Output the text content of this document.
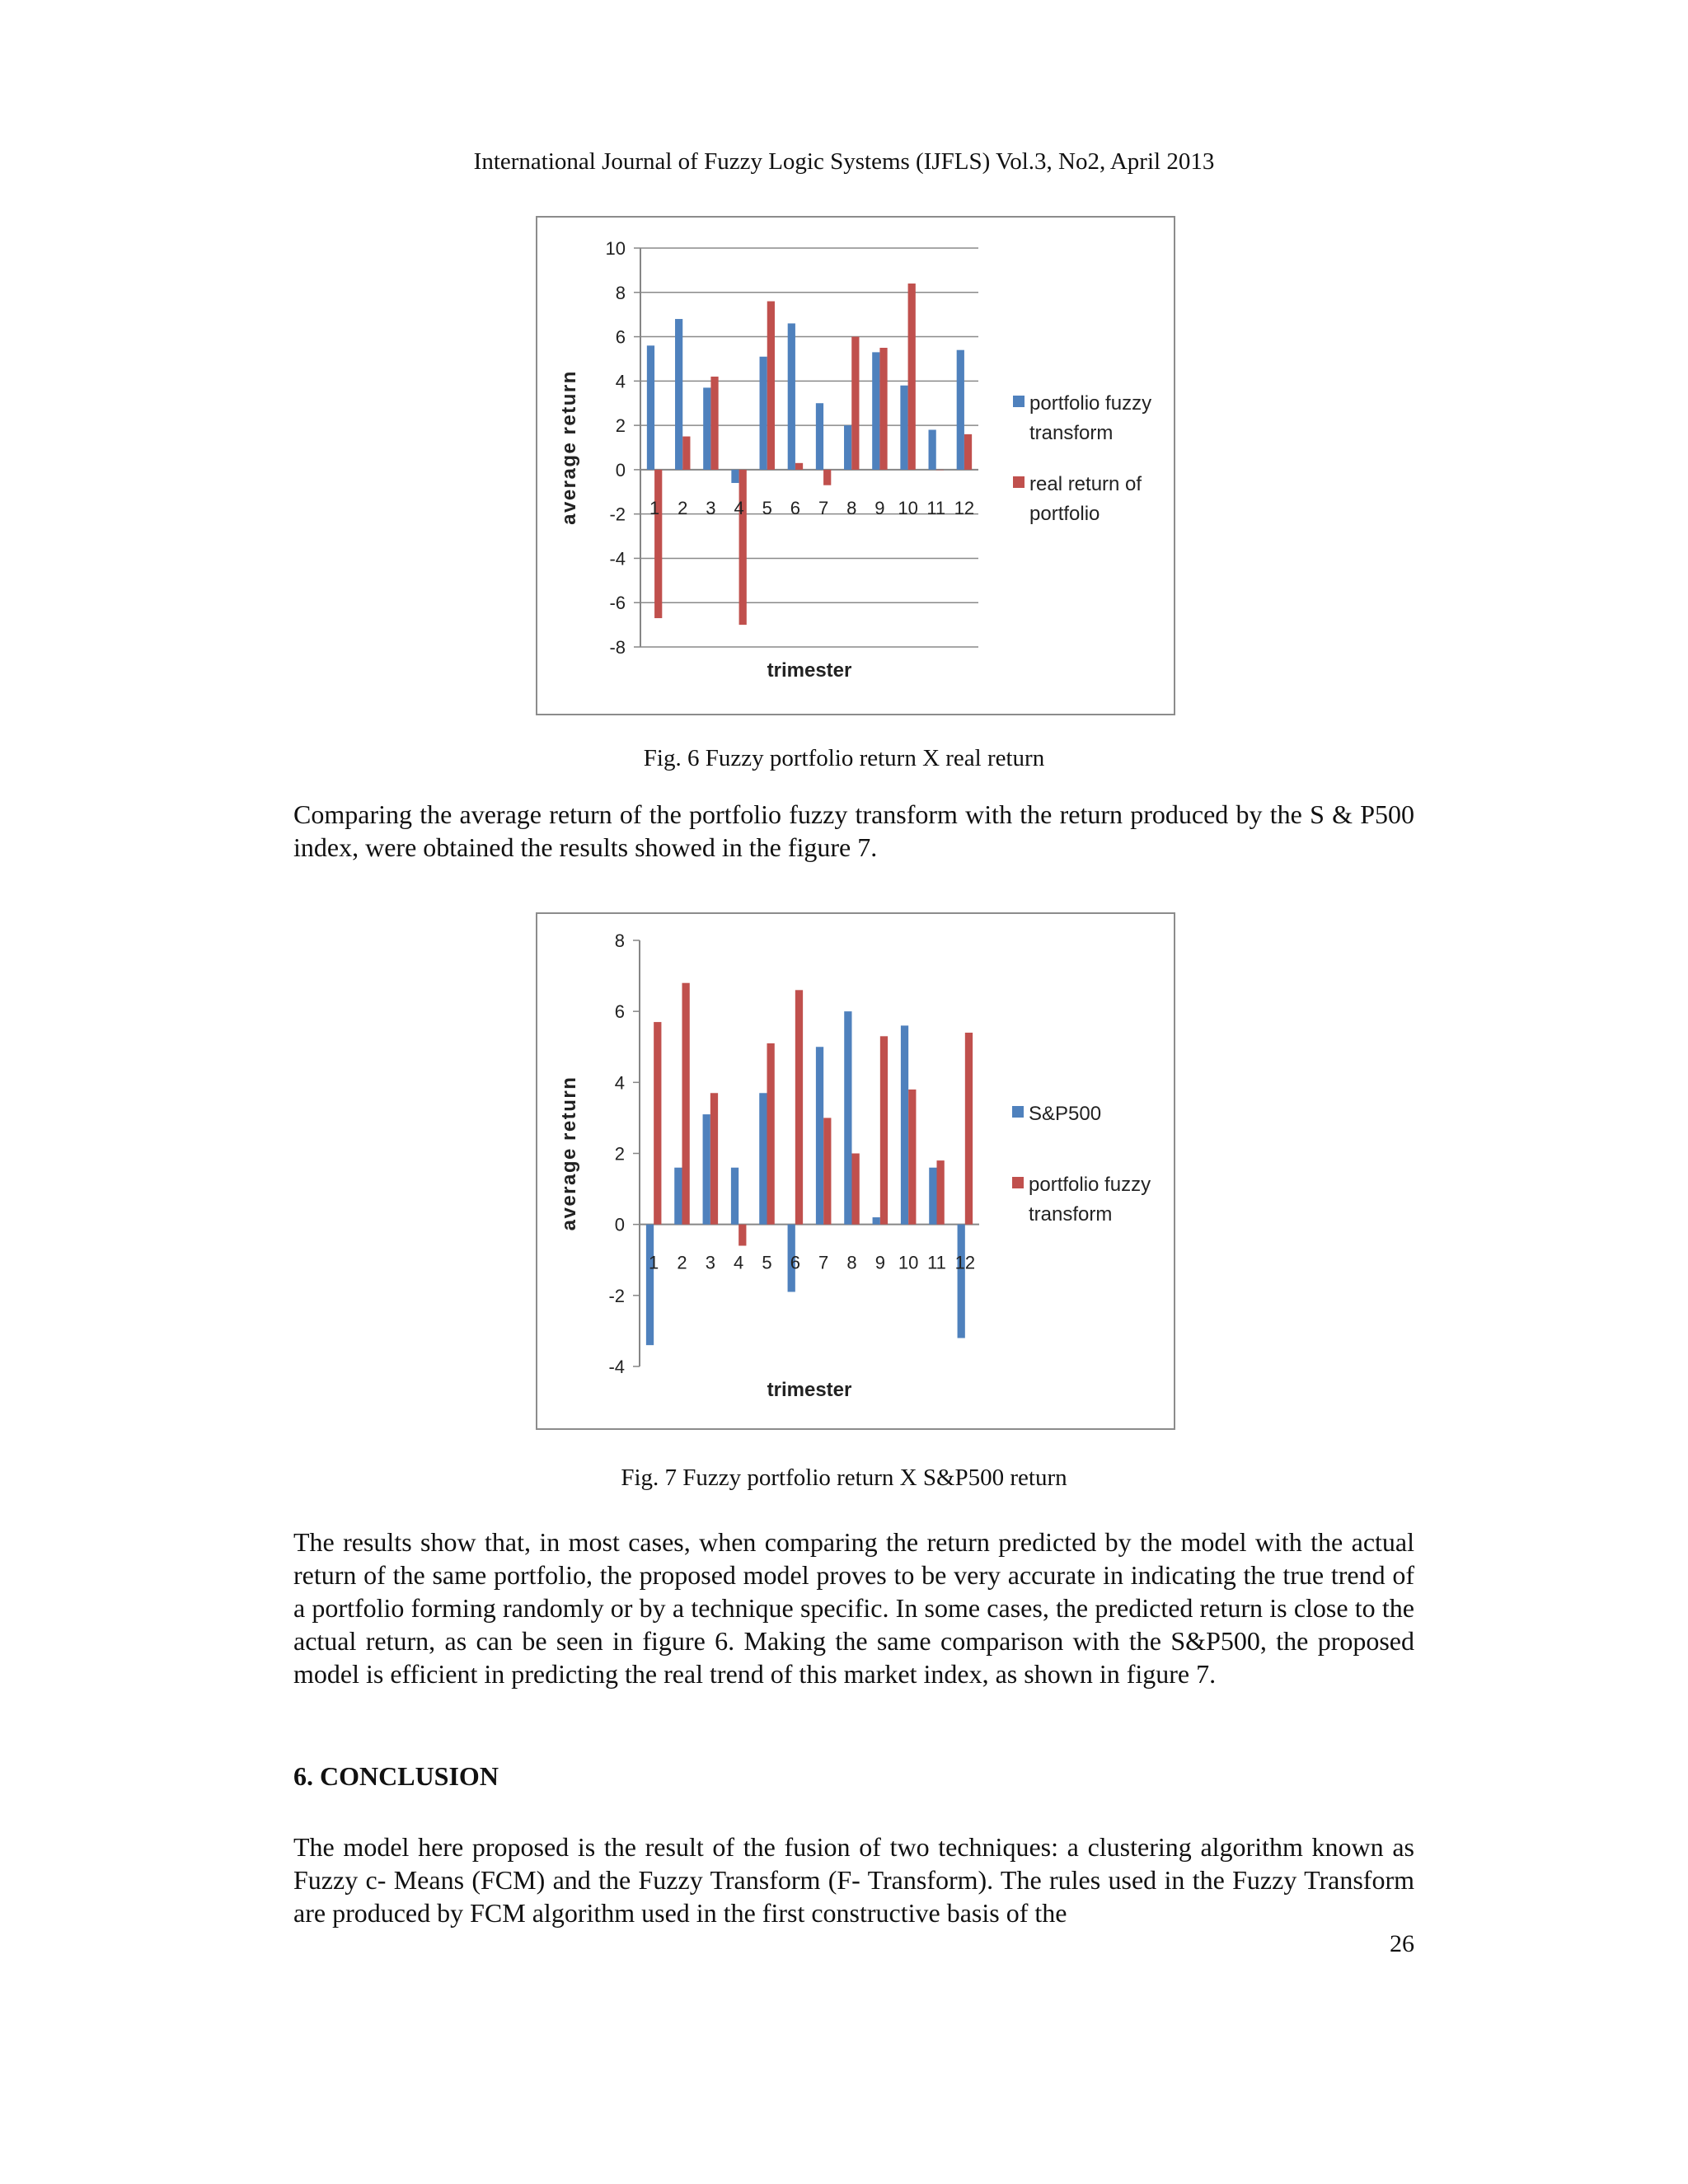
International Journal of Fuzzy Logic Systems (IJFLS) Vol.3, No2, April 2013
10
8
6
4
2
0
-2
-4
-6
-8
1 2 3 4 5 6 7 8 9 10 11 12
trimester
average return	portfolio fuzzy
transform
real return of
portfolio
Fig. 6 Fuzzy portfolio return X real return
Comparing the average return of the portfolio fuzzy transform with the return produced by the S & P500 index, were obtained the results showed in the figure 7.
8
6
4
2
0
-2
-4
1 2 3 4 5 6 7 8 9 10 11 12
trimester
average return	S&P500
portfolio fuzzy
transform
Fig. 7 Fuzzy portfolio return X S&P500 return
The results show that, in most cases, when comparing the return predicted by the model with the actual return of the same portfolio, the proposed model proves to be very accurate in indicating the true trend of a portfolio forming randomly or by a technique specific. In some cases, the predicted return is close to the actual return, as can be seen in figure 6. Making the same comparison with the S&P500, the proposed model is efficient in predicting the real trend of this market index, as shown in figure 7.
6. CONCLUSION
The model here proposed is the result of the fusion of two techniques: a clustering algorithm known as Fuzzy c- Means (FCM) and the Fuzzy Transform (F- Transform). The rules used in the Fuzzy Transform are produced by FCM algorithm used in the first constructive basis of the
26
